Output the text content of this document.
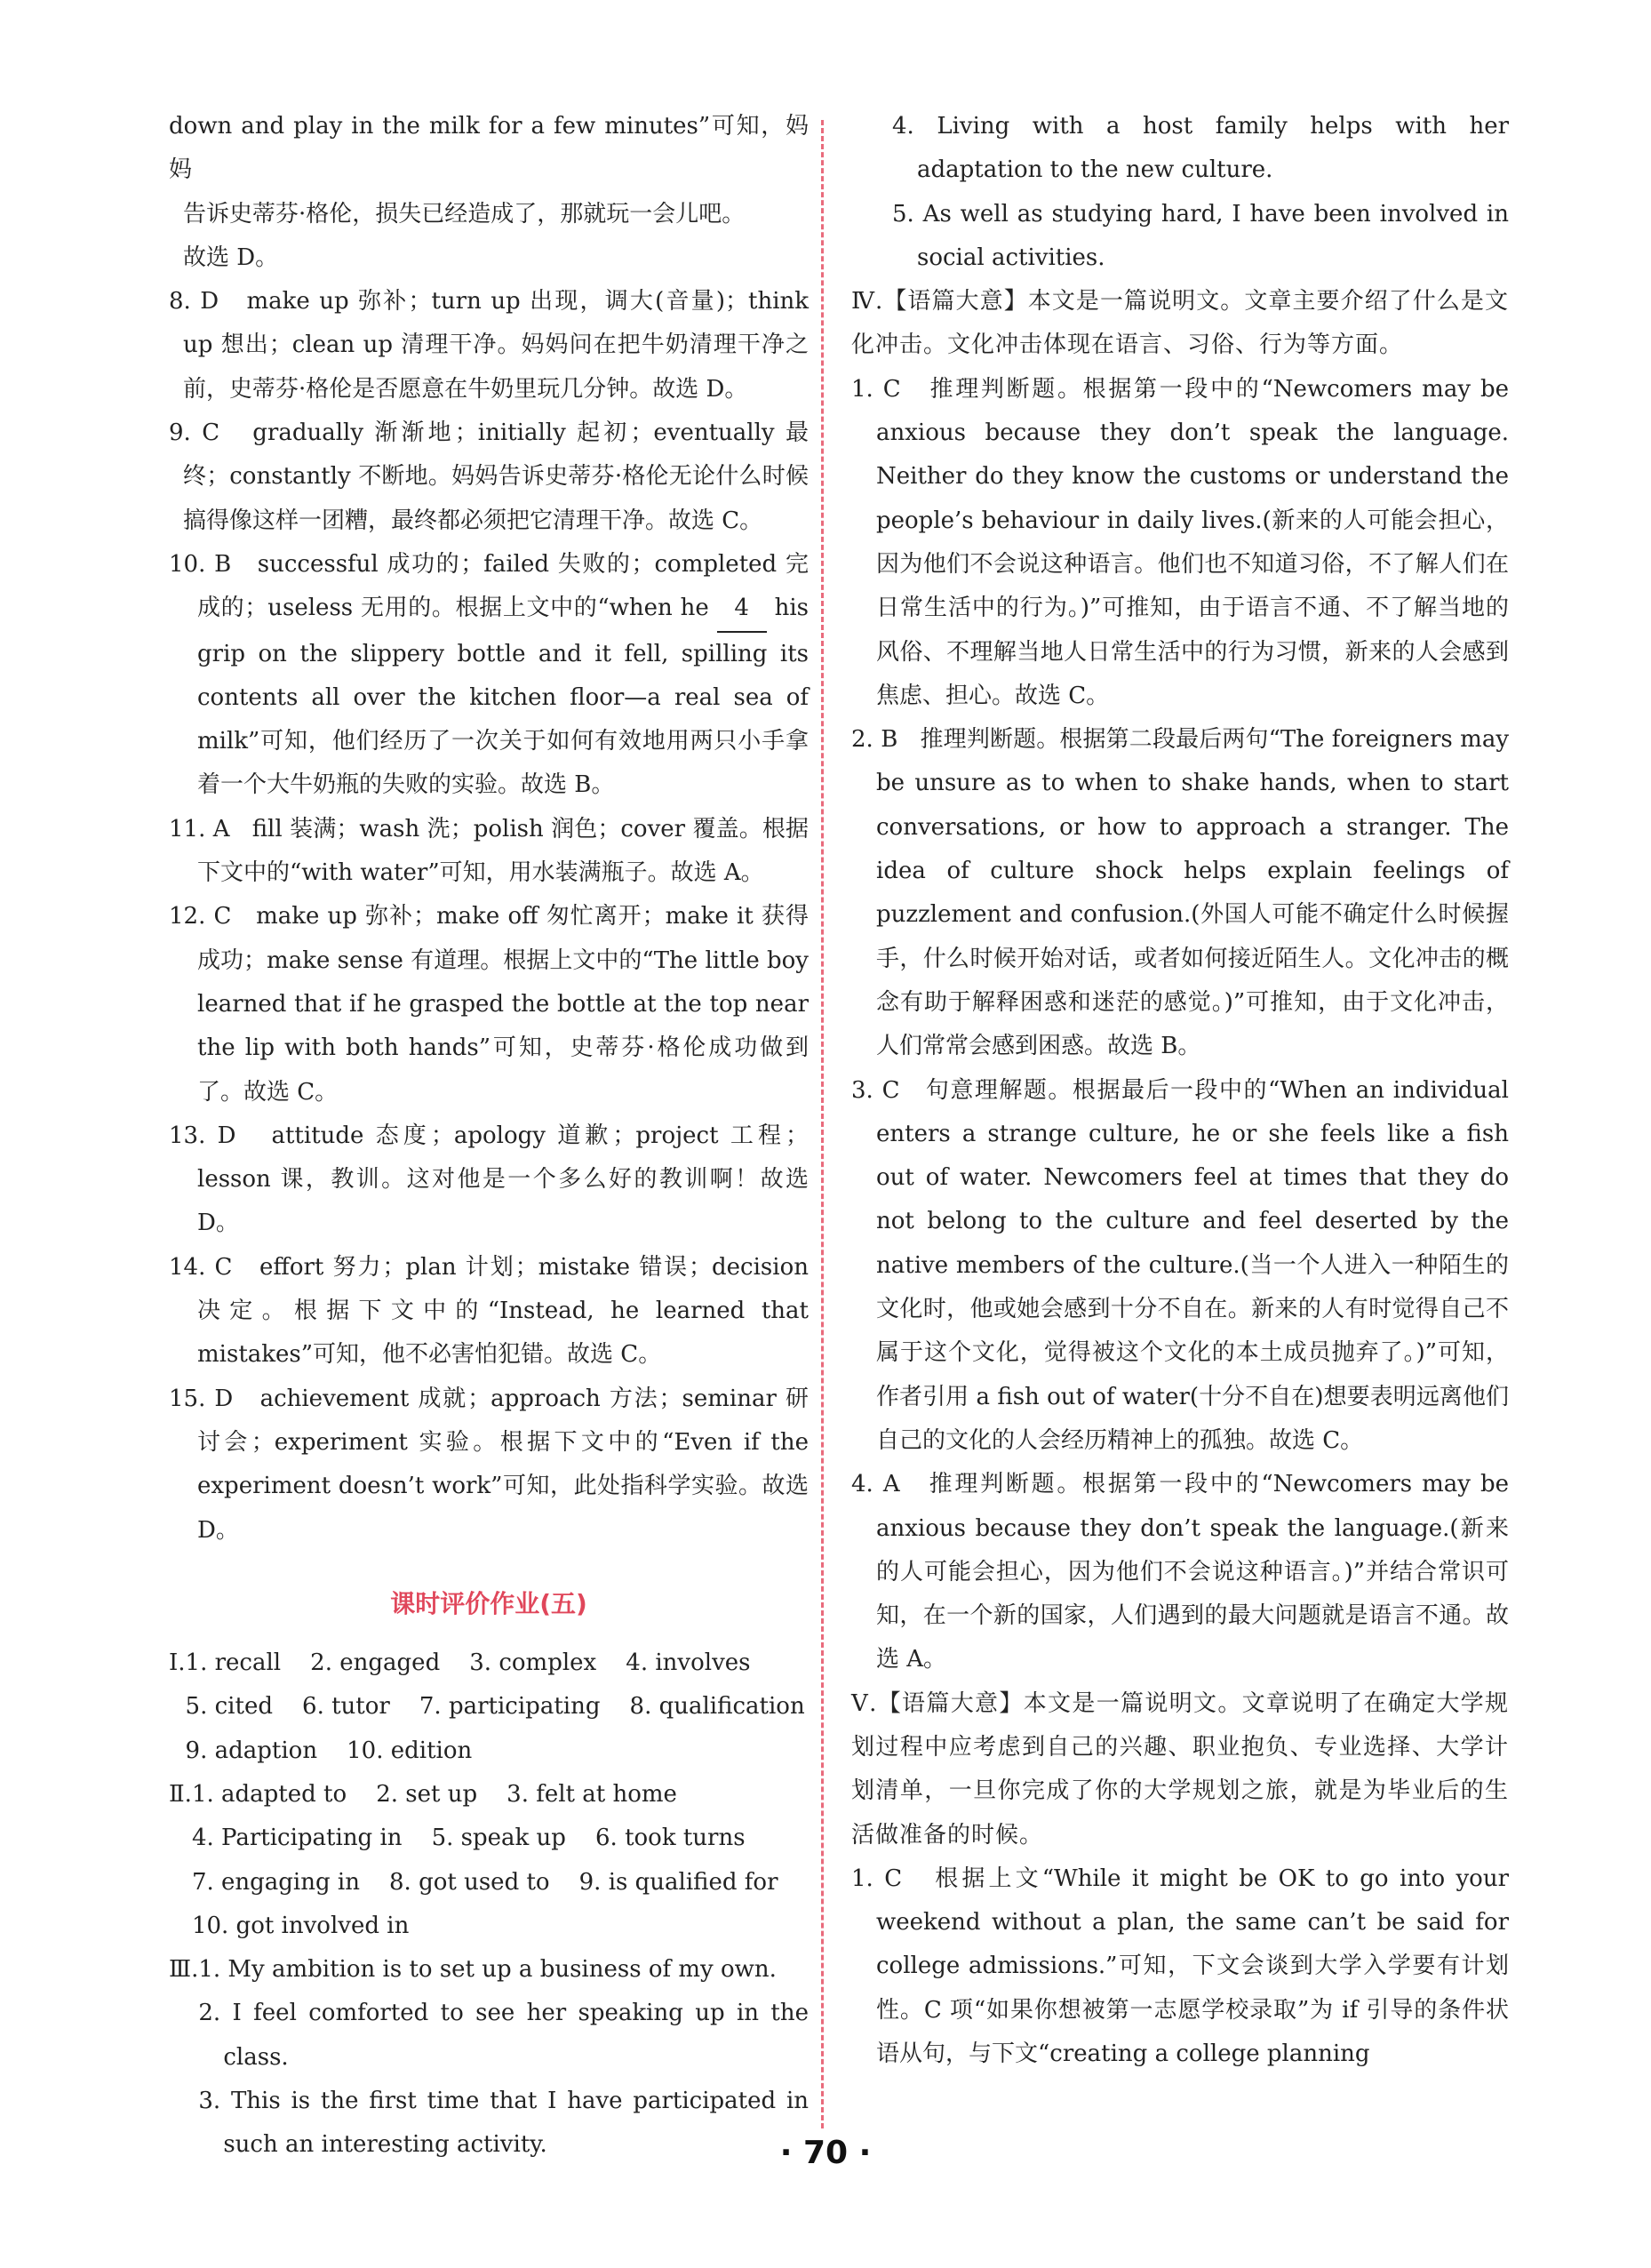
down and play in the milk for a few minutes”可知，妈妈

告诉史蒂芬·格伦，损失已经造成了，那就玩一会儿吧。

故选 D。

8. D make up 弥补；turn up 出现，调大(音量)；think up 想出；clean up 清理干净。妈妈问在把牛奶清理干净之前，史蒂芬·格伦是否愿意在牛奶里玩几分钟。故选 D。

9. C gradually 渐渐地；initially 起初；eventually 最终；constantly 不断地。妈妈告诉史蒂芬·格伦无论什么时候搞得像这样一团糟，最终都必须把它清理干净。故选 C。

10. B successful 成功的；failed 失败的；completed 完成的；useless 无用的。根据上文中的“when he 4 his grip on the slippery bottle and it fell, spilling its contents all over the kitchen floor—a real sea of milk”可知，他们经历了一次关于如何有效地用两只小手拿着一个大牛奶瓶的失败的实验。故选 B。

11. A fill 装满；wash 洗；polish 润色；cover 覆盖。根据下文中的“with water”可知，用水装满瓶子。故选 A。

12. C make up 弥补；make off 匆忙离开；make it 获得成功；make sense 有道理。根据上文中的“The little boy learned that if he grasped the bottle at the top near the lip with both hands”可知，史蒂芬·格伦成功做到了。故选 C。

13. D attitude 态度；apology 道歉；project 工程；lesson 课，教训。这对他是一个多么好的教训啊！故选 D。

14. C effort 努力；plan 计划；mistake 错误；decision 决定。根据下文中的“Instead, he learned that mistakes”可知，他不必害怕犯错。故选 C。

15. D achievement 成就；approach 方法；seminar 研讨会；experiment 实验。根据下文中的“Even if the experiment doesn’t work”可知，此处指科学实验。故选 D。

课时评价作业(五)
Ⅰ. 1. recall    2. engaged    3. complex    4. involves

5. cited    6. tutor    7. participating    8. qualification

9. adaption    10. edition

Ⅱ. 1. adapted to    2. set up    3. felt at home

4. Participating in    5. speak up    6. took turns

7. engaging in    8. got used to    9. is qualified for

10. got involved in

Ⅲ. 1. My ambition is to set up a business of my own.

2. I feel comforted to see her speaking up in the class.

3. This is the first time that I have participated in such an interesting activity.

4. Living with a host family helps with her adaptation to the new culture.

5. As well as studying hard, I have been involved in social activities.

Ⅳ.【语篇大意】本文是一篇说明文。文章主要介绍了什么是文化冲击。文化冲击体现在语言、习俗、行为等方面。

1. C 推理判断题。根据第一段中的“Newcomers may be anxious because they don’t speak the language. Neither do they know the customs or understand the people’s behaviour in daily lives.(新来的人可能会担心，因为他们不会说这种语言。他们也不知道习俗，不了解人们在日常生活中的行为。)”可推知，由于语言不通、不了解当地的风俗、不理解当地人日常生活中的行为习惯，新来的人会感到焦虑、担心。故选 C。

2. B 推理判断题。根据第二段最后两句“The foreigners may be unsure as to when to shake hands, when to start conversations, or how to approach a stranger. The idea of culture shock helps explain feelings of puzzlement and confusion.(外国人可能不确定什么时候握手，什么时候开始对话，或者如何接近陌生人。文化冲击的概念有助于解释困惑和迷茫的感觉。)”可推知，由于文化冲击，人们常常会感到困惑。故选 B。

3. C 句意理解题。根据最后一段中的“When an individual enters a strange culture, he or she feels like a fish out of water. Newcomers feel at times that they do not belong to the culture and feel deserted by the native members of the culture.(当一个人进入一种陌生的文化时，他或她会感到十分不自在。新来的人有时觉得自己不属于这个文化，觉得被这个文化的本土成员抛弃了。)”可知，作者引用 a fish out of water(十分不自在)想要表明远离他们自己的文化的人会经历精神上的孤独。故选 C。

4. A 推理判断题。根据第一段中的“Newcomers may be anxious because they don’t speak the language.(新来的人可能会担心，因为他们不会说这种语言。)”并结合常识可知，在一个新的国家，人们遇到的最大问题就是语言不通。故选 A。

Ⅴ.【语篇大意】本文是一篇说明文。文章说明了在确定大学规划过程中应考虑到自己的兴趣、职业抱负、专业选择、大学计划清单，一旦你完成了你的大学规划之旅，就是为毕业后的生活做准备的时候。

1. C 根据上文“While it might be OK to go into your weekend without a plan, the same can’t be said for college admissions.”可知，下文会谈到大学入学要有计划性。C 项“如果你想被第一志愿学校录取”为 if 引导的条件状语从句，与下文“creating a college planning

· 70 ·
